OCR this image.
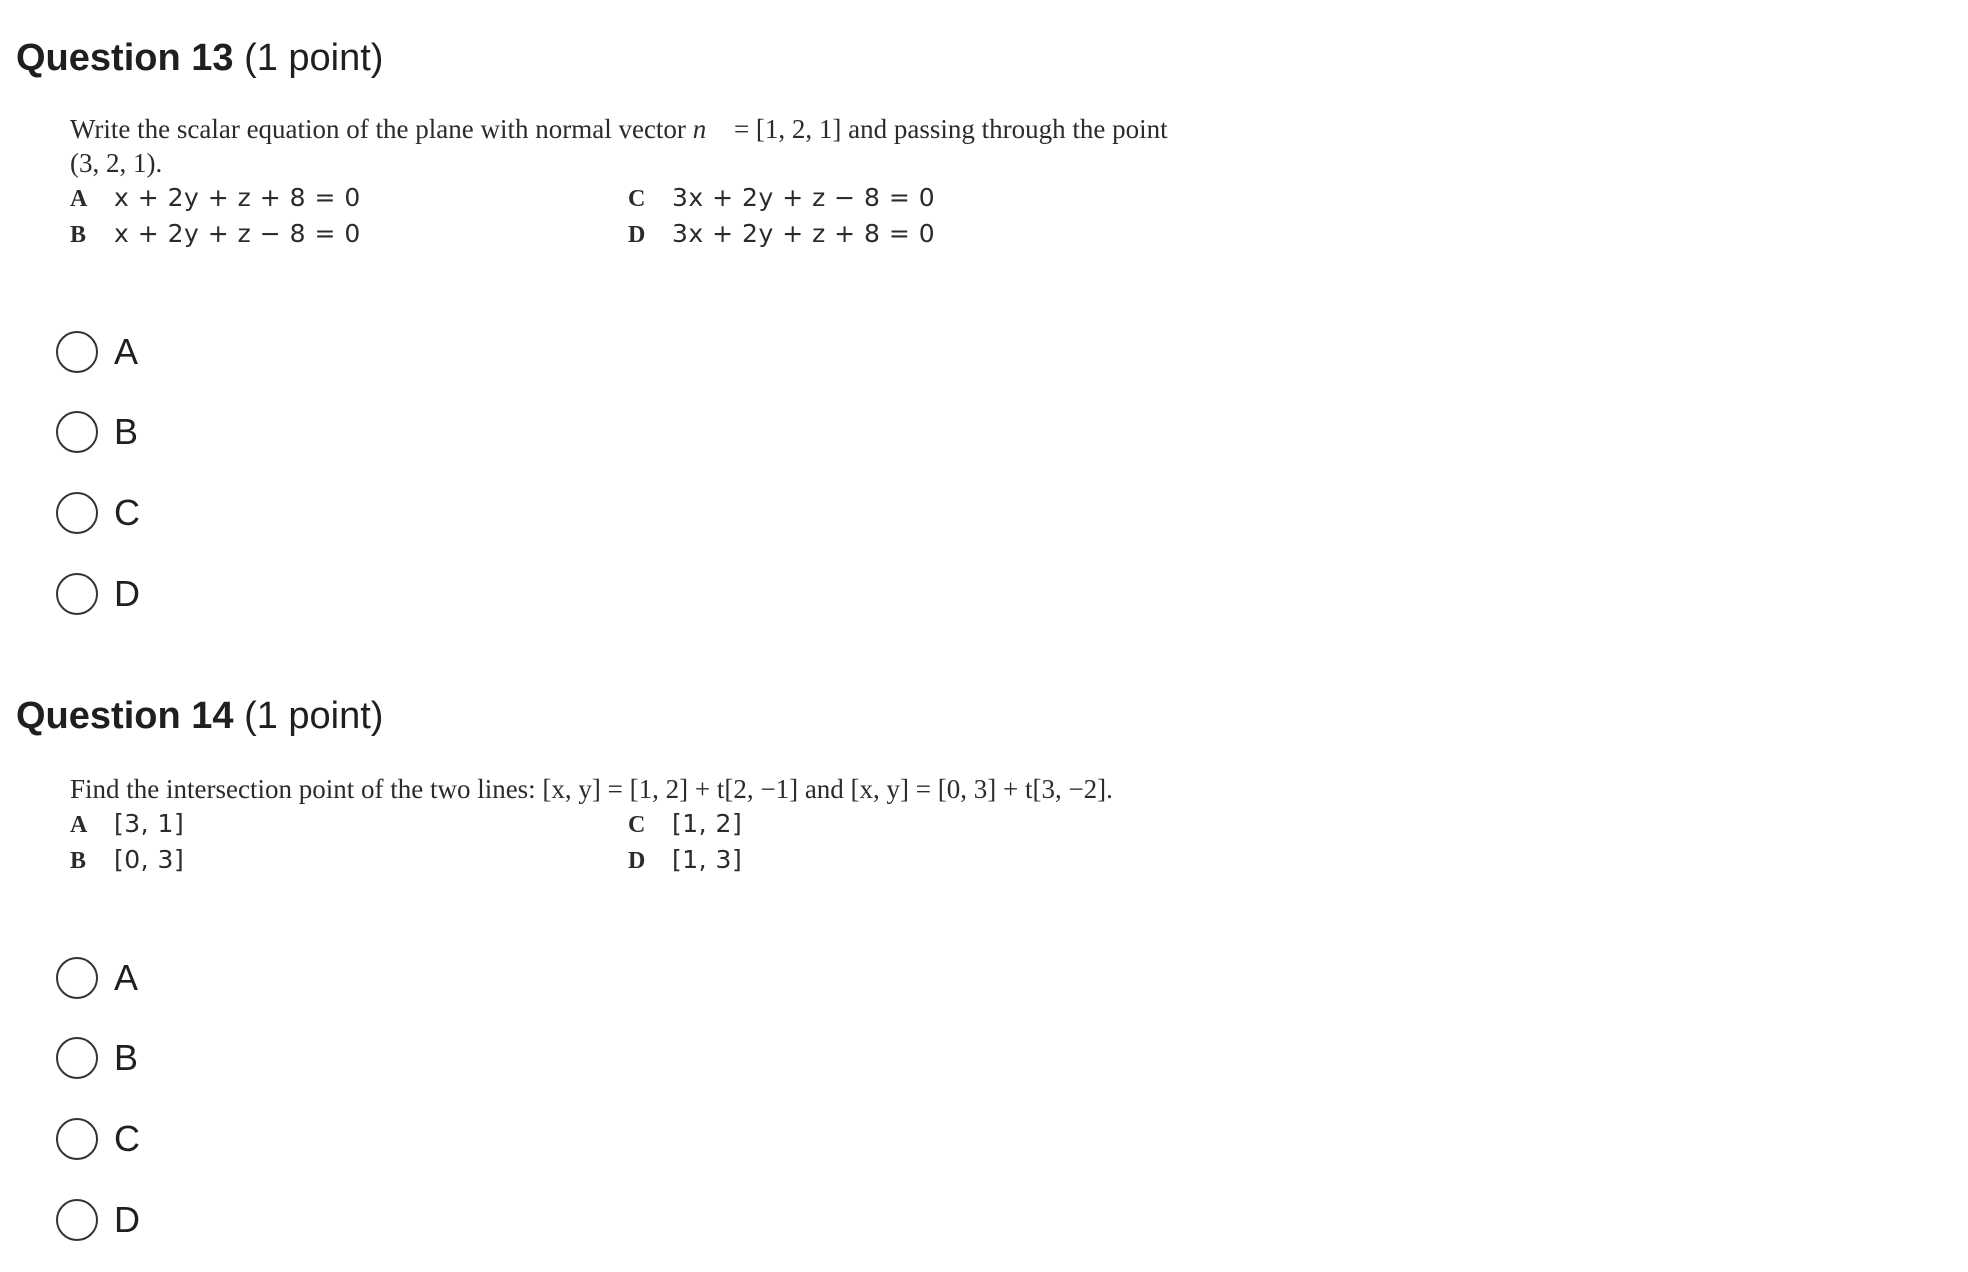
Question 13 (1 point)

Write the scalar equation of the plane with normal vector n⃗ = [1, 2, 1] and passing through the point
(3, 2, 1).

A x + 2y + z + 8 = 0
B x + 2y + z − 8 = 0
C 3x + 2y + z − 8 = 0
D 3x + 2y + z + 8 = 0
A
B
C
D
Question 14 (1 point)

Find the intersection point of the two lines: [x, y] = [1, 2] + t[2, −1] and [x, y] = [0, 3] + t[3, −2].

A [3, 1]
B [0, 3]
C [1, 2]
D [1, 3]
A
B
C
D
